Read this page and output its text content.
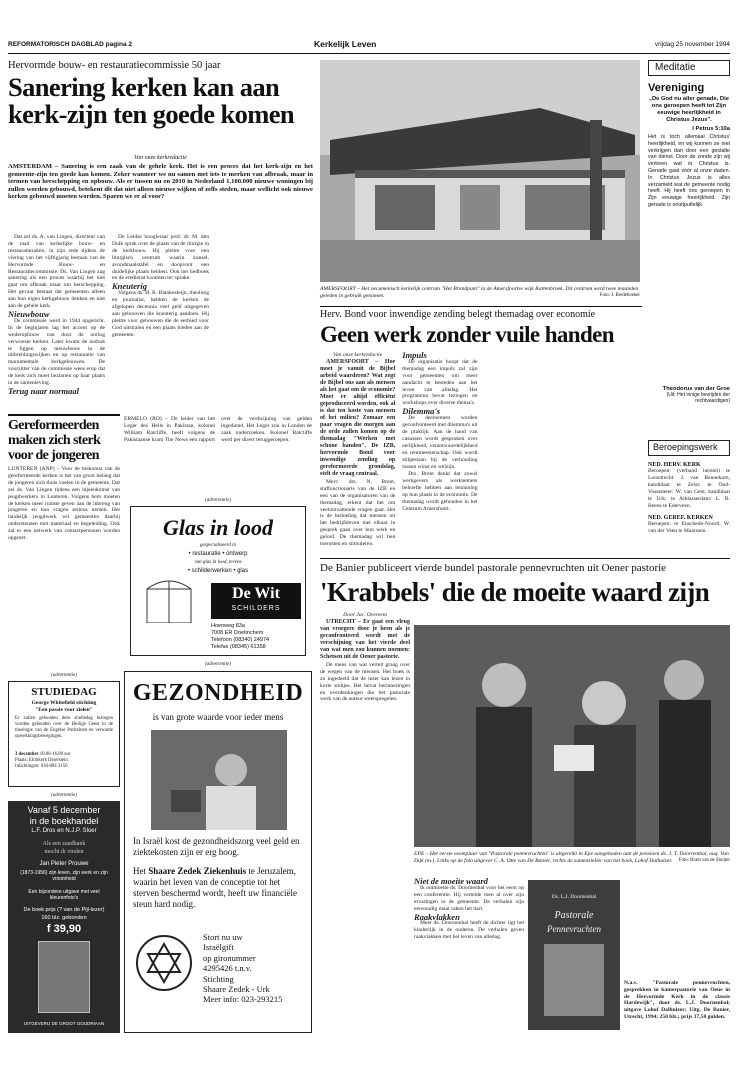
REFORMATORISCH DAGBLAD pagina 2	Kerkelijk Leven	vrijdag 25 november 1994
Hervormde bouw- en restauratiecommissie 50 jaar
Sanering kerken kan aan kerk-zijn ten goede komen
Van onze kerkredactie
AMSTERDAM – Sanering is een zaak van de gehele kerk. Het is een proces dat het kerk-zijn en het gemeente-zijn ten goede kan komen. Zeker wanneer we nu samen met iets te merken van afbraak, maar in termen van herschepping en opbouw. Als er tussen nu en 2010 in Nederland 1.100.000 nieuwe woningen bij zullen worden gebouwd, betekent dit dat niet alleen nieuwe wijken of zelfs steden, maar wellicht ook nieuwe kerken gebouwd moeten worden. Sparen we er al voor?

Dat zei ds. A. van Lingen, directeur van de raad van kerkelijke bouw- en restauratiezaken, in zijn rede tijdens de viering van het vijftigjarig bestaan van de Hervormde Bouw- en Restauratiecommissie. Ds. Van Lingen zag sanering als een proces waarbij het niet gaat om afbraak maar om herschepping. Het gevaar bestaat dat gemeenten alleen aan hun eigen kerkgebouw denken en niet aan de gehele kerk.

Nieuwbouw

De commissie werd in 1944 opgericht. In de beginjaren lag het accent op de wederopbouw van door de oorlog verwoeste kerken. Later kwam de nadruk te liggen op nieuwbouw in de uitbreidingswijken en op restauratie van monumentale kerkgebouwen. De voorzitter van de commissie wees erop dat de kerk zich moet bezinnen op haar plaats in de samenleving.

Terug naar normaal

De Leidse hoogleraar prof. dr. M. den Dulk sprak over de plaats van de liturgie in de kerkbouw. Hij pleitte voor een liturgisch centrum waarin kansel, avondmaalstafel en doopvont een duidelijke plaats hebben. Ook het liedboek en de eredienst kwamen ter sprake.

Kneuterig

Volgens ds. H. R. Blankesteijn, theoloog en journalist, hebben de kerken de afgelopen decennia veel geld uitgegeven aan gebouwen die kneuterig aandoen. Hij pleitte voor gebouwen die de eerbied voor God uitstralen en een plaats bieden aan de gemeente.

AMERSFOORT – Het oecumenisch kerkelijk centrum "Het Brandpunt" in de Amersfoortse wijk Kattenbroek. Dit centrum werd twee maanden geleden in gebruik genomen.	Foto: J. Bredehoeker
Herv. Bond voor inwendige zending belegt themadag over economie
Geen werk zonder vuile handen
Van onze kerkredactie

AMERSFOORT – Hoe moet je vanuit de Bijbel arbeid waarderen? Wat zegt de Bijbel ons aan als mensen als het gaat om de economie? Moet er altijd efficiënt geproduceerd worden, ook al is dat ten koste van mensen of het milieu? Zomaar een paar vragen die morgen aan de orde zullen komen op de themadag "Werken met schone handen". De IZB, hervormde Bond voor inwendige zending op gereformeerde grondslag, stelt de vraag centraal.

Mevr. drs. N. Brent, staffunctionaris van de IZB en een van de organisatoren van de themadag, erkent dat het om veelomvattende vragen gaat. Het is de bedoeling dat mensen uit het bedrijfsleven met elkaar in gesprek gaan over hun werk en geloof. De themadag wil hen toerusten en stimuleren.

Impuls

De organisatie hoopt dat de themadag een impuls zal zijn voor gemeenten om meer aandacht te besteden aan het leven van alledag. Het programma bevat lezingen en workshops over diverse thema's.

Dilemma's

De deelnemers worden geconfronteerd met dilemma's uit de praktijk. Aan de hand van casussen wordt gesproken over eerlijkheid, verantwoordelijkheid en rentmeesterschap. Ook wordt stilgestaan bij de verhouding tussen winst en welzijn.

Drs. Brent denkt dat zowel werkgevers als werknemers behoefte hebben aan bezinning op hun plaats in de economie. De themadag wordt gehouden in het Centrum Amersfoort.

Gereformeerden maken zich sterk voor de jongeren
LUNTEREN (ANP) – Voor de toekomst van de gereformeerde kerken is het van groot belang dat de jongeren zich thuis voelen in de gemeente. Dat zei ds. Van Lingen tijdens een bijeenkomst van jeugdwerkers in Lunteren. Volgens hem moeten de kerken meer ruimte geven aan de inbreng van jongeren en hun vragen serieus nemen. Het landelijk jeugdwerk wil gemeenten daarbij ondersteunen met materiaal en begeleiding. Ook zal er een netwerk van contactpersonen worden opgezet.
ERMELO (RD) – De leider van het Leger des Heils in Pakistan, kolonel William Ratcliffe, heeft volgens de Pakistaanse krant The News een rapport over de verdwijning van gelden ingediend. Het Leger zou in Londen de zaak onderzoeken. Kolonel Ratcliffe werd per direct teruggeroepen.
(advertentie)
Glas in lood
gespecialiseerd in
• restauratie • ontwerp
van glas in lood, tevens
• schilderwerken • glas
De Wit
SCHILDERS
Hoenweg 83a
7008 ER Doetinchem
Telefoon (08340) 24974
Telefax (08345) 61358
(advertentie)
STUDIEDAG
George Whitefield stichting
"Een passie voor zielen"
Er zullen gehouden deze studiedag lezingen worden gehouden over de Heilige Geest in de theologie van de Engelse Puriteinen en verwante opwekkingsbewegingen.
3 december 10.00-16.00 uur
Plaats: Elimkerk IJsselstein
Inlichtingen: 030-884 3150
(advertentie)
Vanaf 5 december
in de boekhandel
L.F. Dros en N.J.P. Sloer
Als een zandbank
mocht ik vinden
Jan Pieter Prouwe
(1873-1956) zijn leven, zijn werk en zijn vroomheid
Een bijzondere uitgave met veel kleurenfoto's
De boek prijs (? van de Pijl-lezer)
160 blz. gebonden
f 39,90
UITGEVERIJ DE GROOT GOUDRIAAN
(advertentie)
GEZONDHEID
is van grote waarde voor ieder mens
In Israël kost de gezondheidszorg veel geld en ziektekosten zijn er erg hoog.
Het Shaare Zedek Ziekenhuis te Jeruzalem, waarin het leven van de conceptie tot het sterven beschermd wordt, heeft uw financiële steun hard nodig.
Stort nu uw
Israëlgift
op gironummer
4295426 t.n.v.
Stichting
Shaare Zedek - Urk
Meer info: 023-293215
De Banier publiceert vierde bundel pastorale pennevruchten uit Oener pastorie
'Krabbels' die de moeite waard zijn
Door Jac. Overeem

UTRECHT – Er gaat een vleug van vroegere door je heen als je geconfronteerd wordt met de verschijning van het vierde deel van wat men zou kunnen noemen: Schetsen uit de Oener pastorie.

De mens van wat vertelt graag over de wegen van de mensen. Het boek is zo ingedeeld dat de lezer kan lezen in korte stukjes. Het bevat herinneringen en overdenkingen die het pastorale werk van de auteur weerspiegelen.

EPE – Het eerste exemplaar van "Pastorale pennevruchten" is uitgereikt in Epe aangeboden aan de pensioen ds. J. T. Doornenbal, ouq. Van Dijk (m.). Links op de foto uitgever C. A. Otte van De Banier, rechts de samensteller van het boek, Lohof Dalhuizer. Foto: Bram van de Sluijter
Niet de moeite waard

Ik ontmoette ds. Doornenbal voor het eerst op een conferentie. Hij vertelde toen al over zijn ervaringen in de gemeente. De verhalen zijn eenvoudig maar raken het hart.

Raakvlakken

Meer ds. Doornenbal heeft de dichter ligt het kinderlijk in de ouderen. De verhalen geven raakvlakken met het leven van alledag.

Ds. L.J. Doornenbal
Pastorale
Pennevruchten
N.a.v. "Pastorale pennevruchten, gesprekken in kamerpastorie van Oene in de Hervormde Kerk in de classis Hardewijk", door ds. L.J. Doornenbal; uitgave Lohof Dalhuizer; Uitg. De Banier, Utrecht, 1994; 250 blz.; prijs 37,50 gulden.
Meditatie
Vereniging
„De God nu aller genade, Die ons geroepen heeft tot Zijn eeuwige heerlijkheid in Christus Jezus".
I Petrus 5:10a
Het is toch allemaal Christus' heerlijkheid, en wij kunnen ze niet verkrijgen dan door een gestalte van dienst. Door de zonde zijn wij verloren wat in Christus is. Genade gaat vóór al onze daden. In Christus Jezus is alles verzameld wat de gemeente nodig heeft. Hij heeft ons geroepen in Zijn eeuwige heerlijkheid. Zijn genade is onuitputtelijk.
Theodorus van der Groe
(Uit: Het innige bevrijden der rechtvaardigen)
Beroepingswerk
NED. HERV. KERK
Beroepen: (verband herstel) te Loosdrecht: J. van Bennekom, kandidaat te Zeist; te Oud-Vossemeer: W. van Gent, kandidaat te Urk; te Alblasserdam: L. B. Beens te Ederveen.
NED. GEREF. KERKEN
Beroepen: te Enschede-Noord, W. van der Veen te Maarssen.
